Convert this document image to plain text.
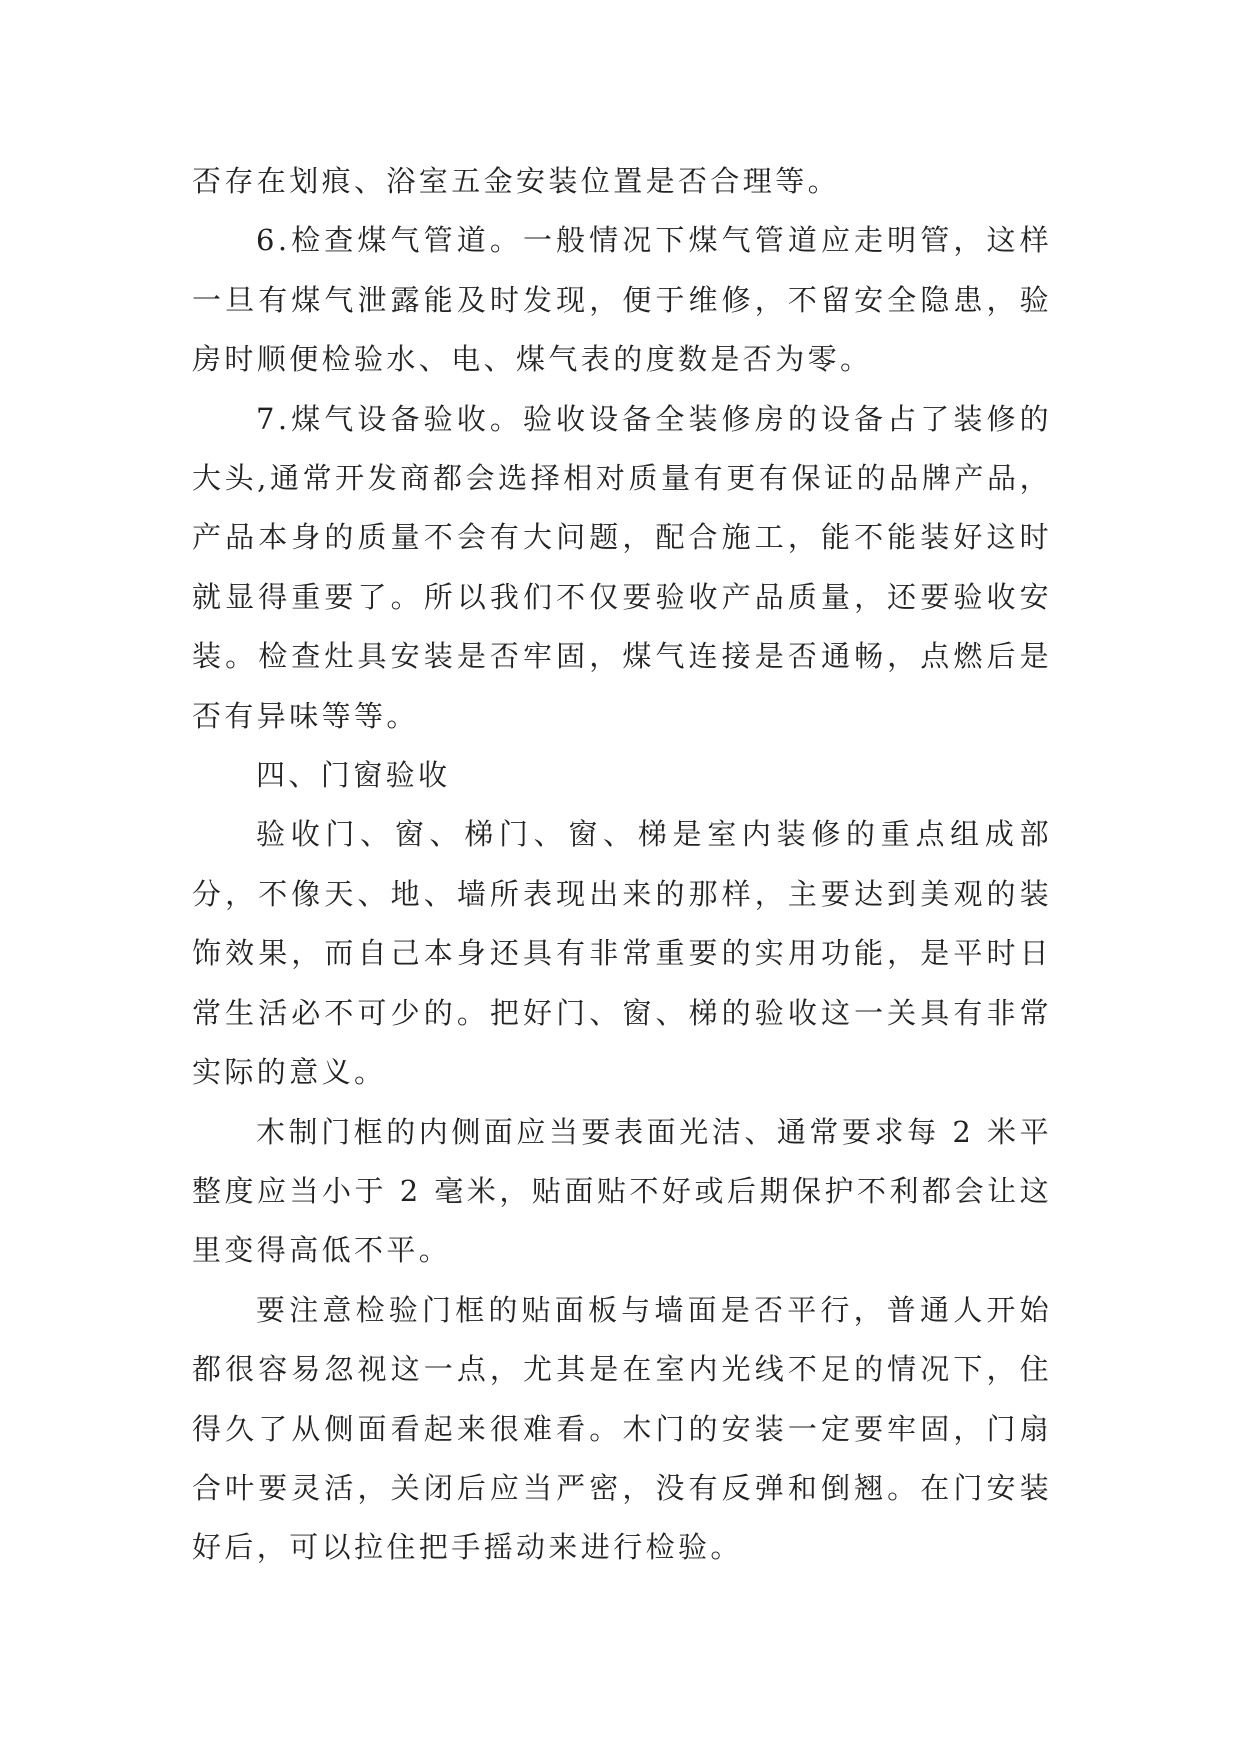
否存在划痕、浴室五金安装位置是否合理等。

6.检查煤气管道。一般情况下煤气管道应走明管，这样一旦有煤气泄露能及时发现，便于维修，不留安全隐患，验房时顺便检验水、电、煤气表的度数是否为零。

7.煤气设备验收。验收设备全装修房的设备占了装修的大头,通常开发商都会选择相对质量有更有保证的品牌产品，产品本身的质量不会有大问题，配合施工，能不能装好这时就显得重要了。所以我们不仅要验收产品质量，还要验收安装。检查灶具安装是否牢固，煤气连接是否通畅，点燃后是否有异味等等。

四、门窗验收

验收门、窗、梯门、窗、梯是室内装修的重点组成部分，不像天、地、墙所表现出来的那样，主要达到美观的装饰效果，而自己本身还具有非常重要的实用功能，是平时日常生活必不可少的。把好门、窗、梯的验收这一关具有非常实际的意义。

木制门框的内侧面应当要表面光洁、通常要求每 2 米平整度应当小于 2 毫米，贴面贴不好或后期保护不利都会让这里变得高低不平。

要注意检验门框的贴面板与墙面是否平行，普通人开始都很容易忽视这一点，尤其是在室内光线不足的情况下，住得久了从侧面看起来很难看。木门的安装一定要牢固，门扇合叶要灵活，关闭后应当严密，没有反弹和倒翘。在门安装好后，可以拉住把手摇动来进行检验。
